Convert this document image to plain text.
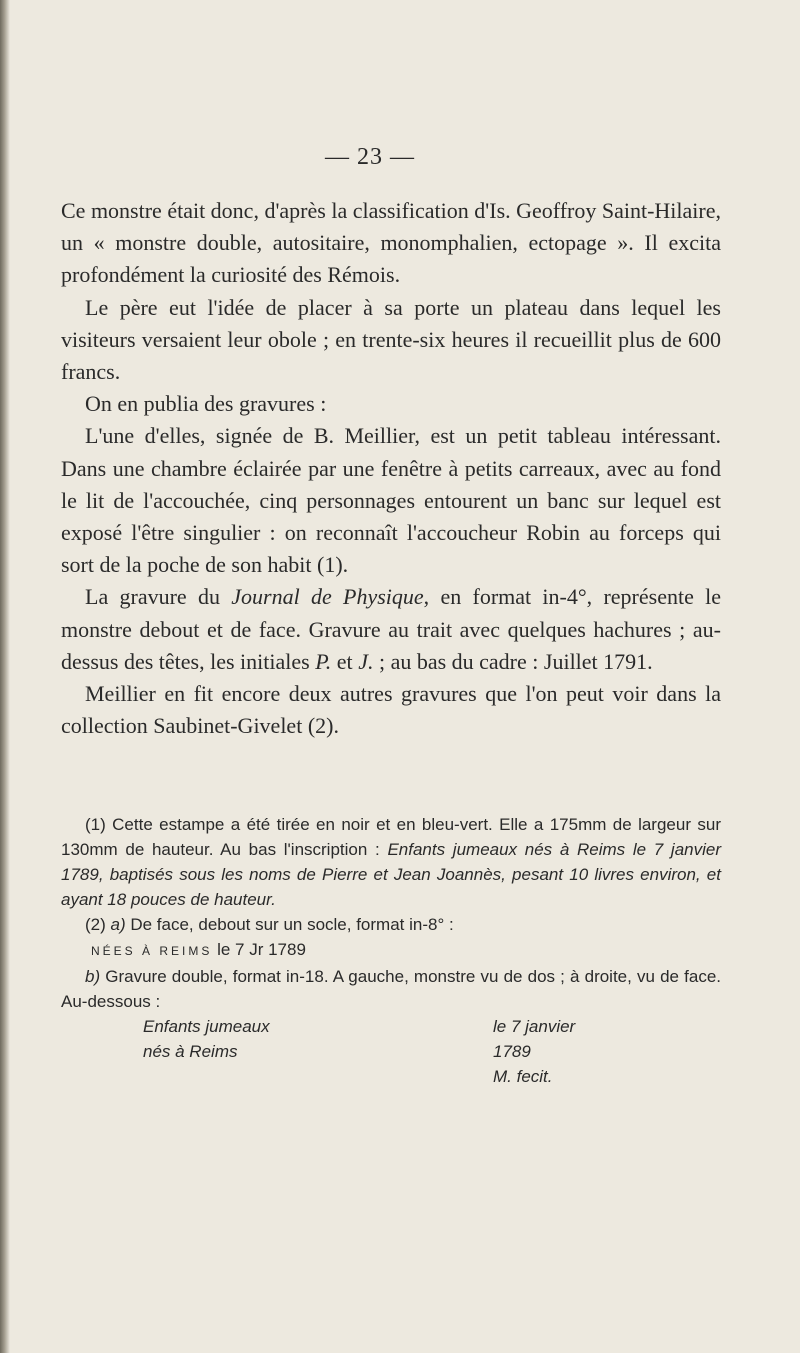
— 23 —

Ce monstre était donc, d'après la classification d'Is. Geoffroy Saint-Hilaire, un « monstre double, autositaire, monomphalien, ectopage ». Il excita profondément la curiosité des Rémois.

Le père eut l'idée de placer à sa porte un plateau dans lequel les visiteurs versaient leur obole ; en trente-six heures il recueillit plus de 600 francs.

On en publia des gravures :

L'une d'elles, signée de B. Meillier, est un petit tableau intéressant. Dans une chambre éclairée par une fenêtre à petits carreaux, avec au fond le lit de l'accouchée, cinq personnages entourent un banc sur lequel est exposé l'être singulier : on reconnaît l'accoucheur Robin au forceps qui sort de la poche de son habit (1).

La gravure du Journal de Physique, en format in-4°, représente le monstre debout et de face. Gravure au trait avec quelques hachures ; au-dessus des têtes, les initiales P. et J. ; au bas du cadre : Juillet 1791.

Meillier en fit encore deux autres gravures que l'on peut voir dans la collection Saubinet-Givelet (2).

(1) Cette estampe a été tirée en noir et en bleu-vert. Elle a 175mm de largeur sur 130mm de hauteur. Au bas l'inscription : Enfants jumeaux nés à Reims le 7 janvier 1789, baptisés sous les noms de Pierre et Jean Joannès, pesant 10 livres environ, et ayant 18 pouces de hauteur.

(2) a) De face, debout sur un socle, format in-8° :

NÉES À REIMS le 7 Jr 1789

b) Gravure double, format in-18. A gauche, monstre vu de dos ; à droite, vu de face. Au-dessous :

Enfants jumeaux
nés à Reims
le 7 janvier
1789
M. fecit.
